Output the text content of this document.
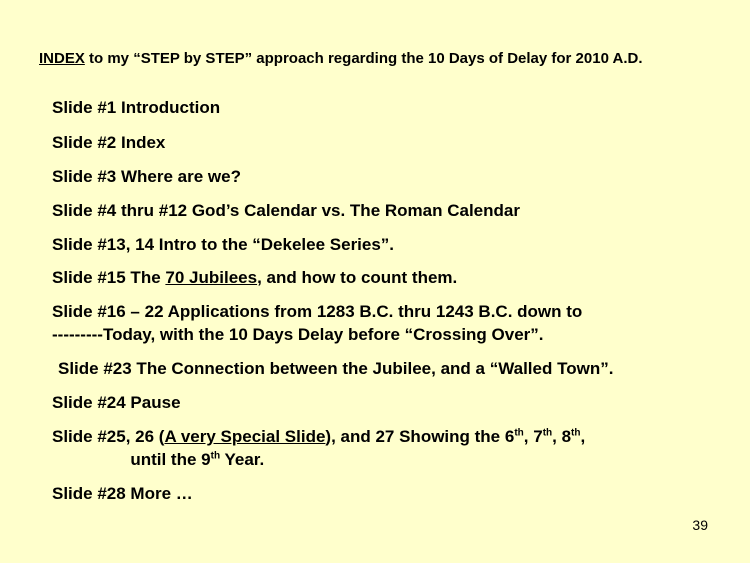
INDEX to my “STEP by STEP” approach regarding the 10 Days of Delay for 2010 A.D.
Slide #1 Introduction
Slide #2 Index
Slide #3 Where are we?
Slide #4 thru #12 God’s Calendar vs. The Roman Calendar
Slide #13, 14 Intro to the “Dekelee Series”.
Slide #15 The 70 Jubilees, and how to count them.
Slide #16 – 22 Applications from 1283 B.C. thru 1243 B.C. down to ------
---------Today, with the 10 Days Delay before “Crossing Over”.
Slide #23 The Connection between the Jubilee, and a “Walled Town”.
Slide #24 Pause
Slide #25, 26 (A very Special Slide), and 27 Showing the 6th, 7th, 8th,
------------- until the 9th Year.
Slide #28 More …
39
